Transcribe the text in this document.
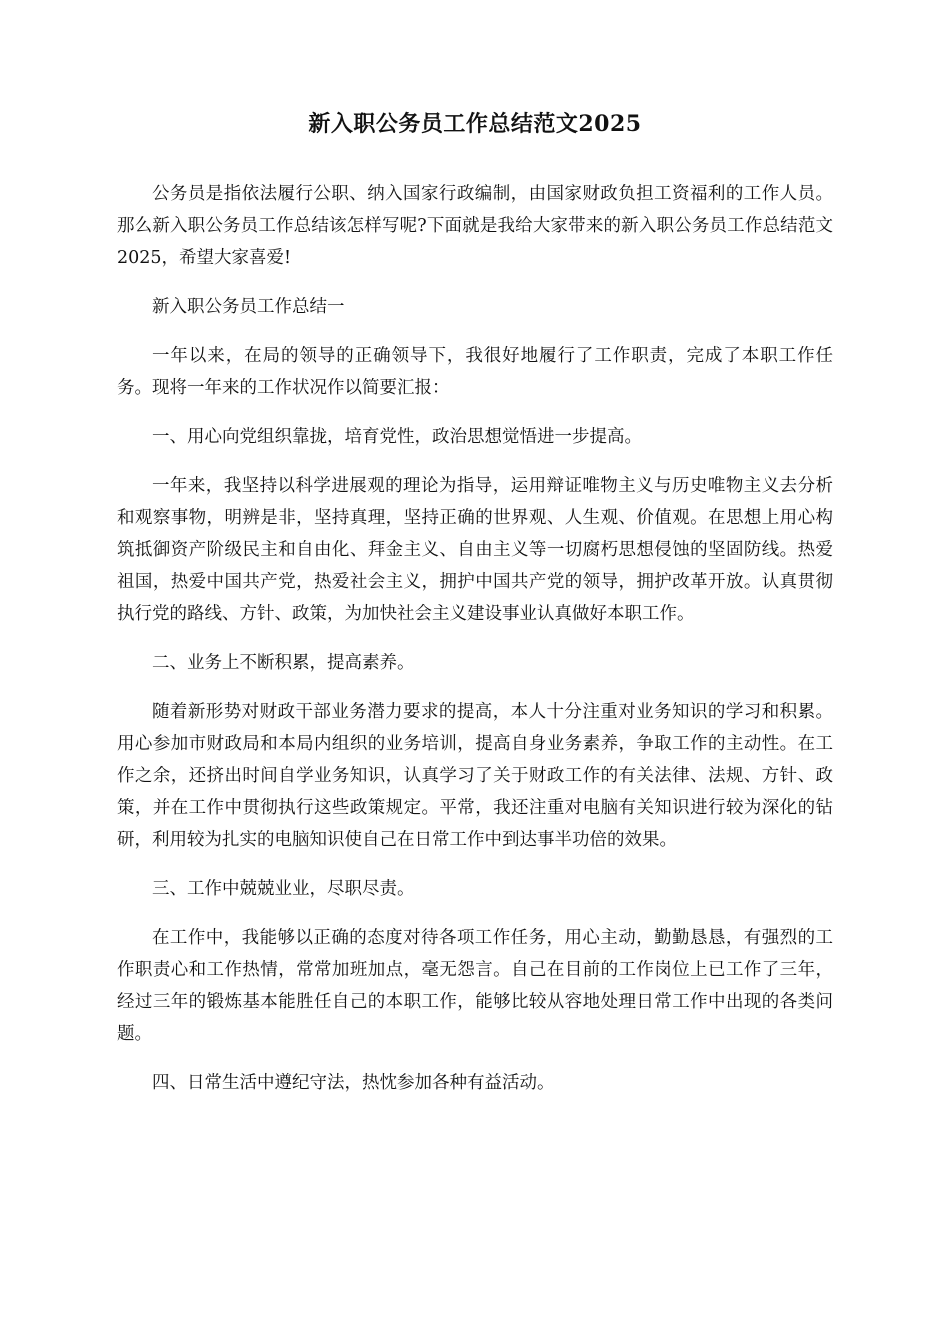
新入职公务员工作总结范文2025

公务员是指依法履行公职、纳入国家行政编制，由国家财政负担工资福利的工作人员。那么新入职公务员工作总结该怎样写呢?下面就是我给大家带来的新入职公务员工作总结范文2025，希望大家喜爱!

新入职公务员工作总结一

一年以来，在局的领导的正确领导下，我很好地履行了工作职责，完成了本职工作任务。现将一年来的工作状况作以简要汇报：

一、用心向党组织靠拢，培育党性，政治思想觉悟进一步提高。

一年来，我坚持以科学进展观的理论为指导，运用辩证唯物主义与历史唯物主义去分析和观察事物，明辨是非，坚持真理，坚持正确的世界观、人生观、价值观。在思想上用心构筑抵御资产阶级民主和自由化、拜金主义、自由主义等一切腐朽思想侵蚀的坚固防线。热爱祖国，热爱中国共产党，热爱社会主义，拥护中国共产党的领导，拥护改革开放。认真贯彻执行党的路线、方针、政策，为加快社会主义建设事业认真做好本职工作。

二、业务上不断积累，提高素养。

随着新形势对财政干部业务潜力要求的提高，本人十分注重对业务知识的学习和积累。用心参加市财政局和本局内组织的业务培训，提高自身业务素养，争取工作的主动性。在工作之余，还挤出时间自学业务知识，认真学习了关于财政工作的有关法律、法规、方针、政策，并在工作中贯彻执行这些政策规定。平常，我还注重对电脑有关知识进行较为深化的钻研，利用较为扎实的电脑知识使自己在日常工作中到达事半功倍的效果。

三、工作中兢兢业业，尽职尽责。

在工作中，我能够以正确的态度对待各项工作任务，用心主动，勤勤恳恳，有强烈的工作职责心和工作热情，常常加班加点，毫无怨言。自己在目前的工作岗位上已工作了三年，经过三年的锻炼基本能胜任自己的本职工作，能够比较从容地处理日常工作中出现的各类问题。

四、日常生活中遵纪守法，热忱参加各种有益活动。
